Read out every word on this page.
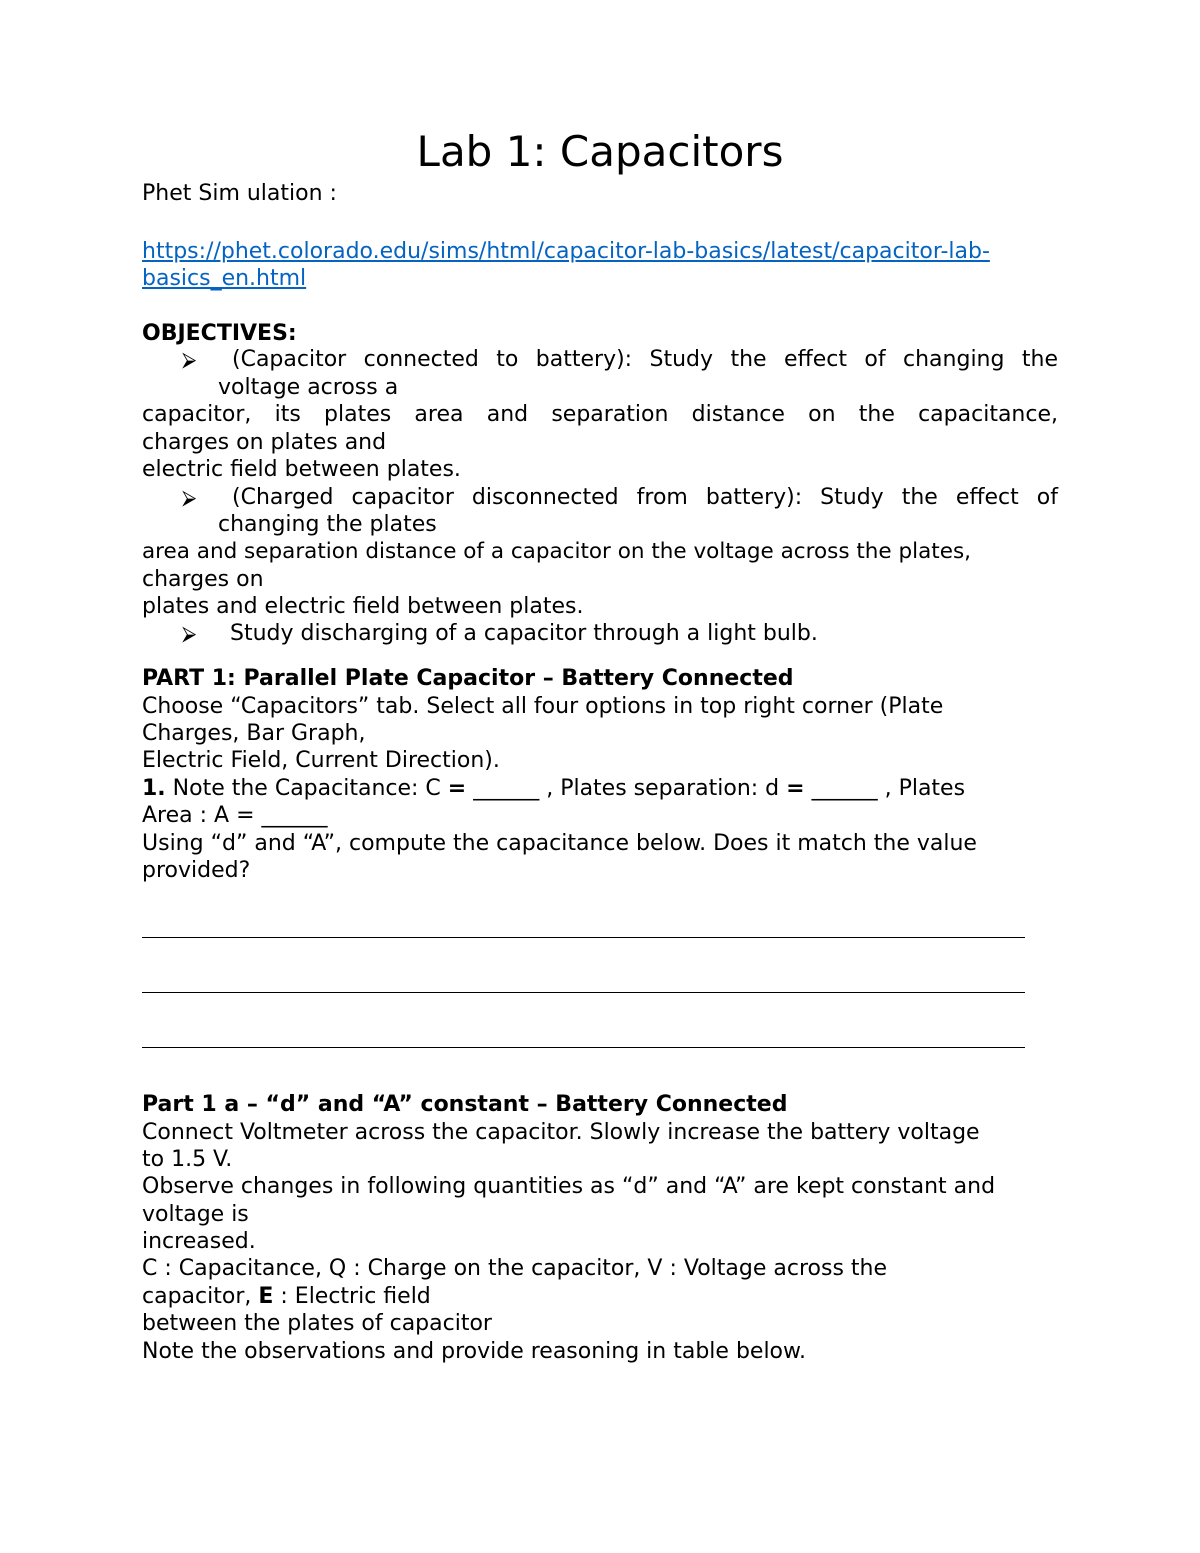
Lab 1: Capacitors
Phet Sim ulation :
https://phet.colorado.edu/sims/html/capacitor-lab-basics/latest/capacitor-lab-
basics_en.html
OBJECTIVES:
⮚ (Capacitor connected to battery): Study the effect of changing the
voltage across a
capacitor, its plates area and separation distance on the capacitance,
charges on plates and
electric field between plates.
⮚ (Charged capacitor disconnected from battery): Study the effect of
changing the plates
area and separation distance of a capacitor on the voltage across the plates,
charges on
plates and electric field between plates.
⮚ Study discharging of a capacitor through a light bulb.
PART 1: Parallel Plate Capacitor – Battery Connected
Choose “Capacitors” tab. Select all four options in top right corner (Plate
Charges, Bar Graph,
Electric Field, Current Direction).
1. Note the Capacitance: C = ______ , Plates separation: d = ______ , Plates
Area : A = ______
Using “d” and “A”, compute the capacitance below. Does it match the value
provided?
Part 1 a – “d” and “A” constant – Battery Connected
Connect Voltmeter across the capacitor. Slowly increase the battery voltage
to 1.5 V.
Observe changes in following quantities as “d” and “A” are kept constant and
voltage is
increased.
C : Capacitance, Q : Charge on the capacitor, V : Voltage across the
capacitor, E : Electric field
between the plates of capacitor
Note the observations and provide reasoning in table below.
